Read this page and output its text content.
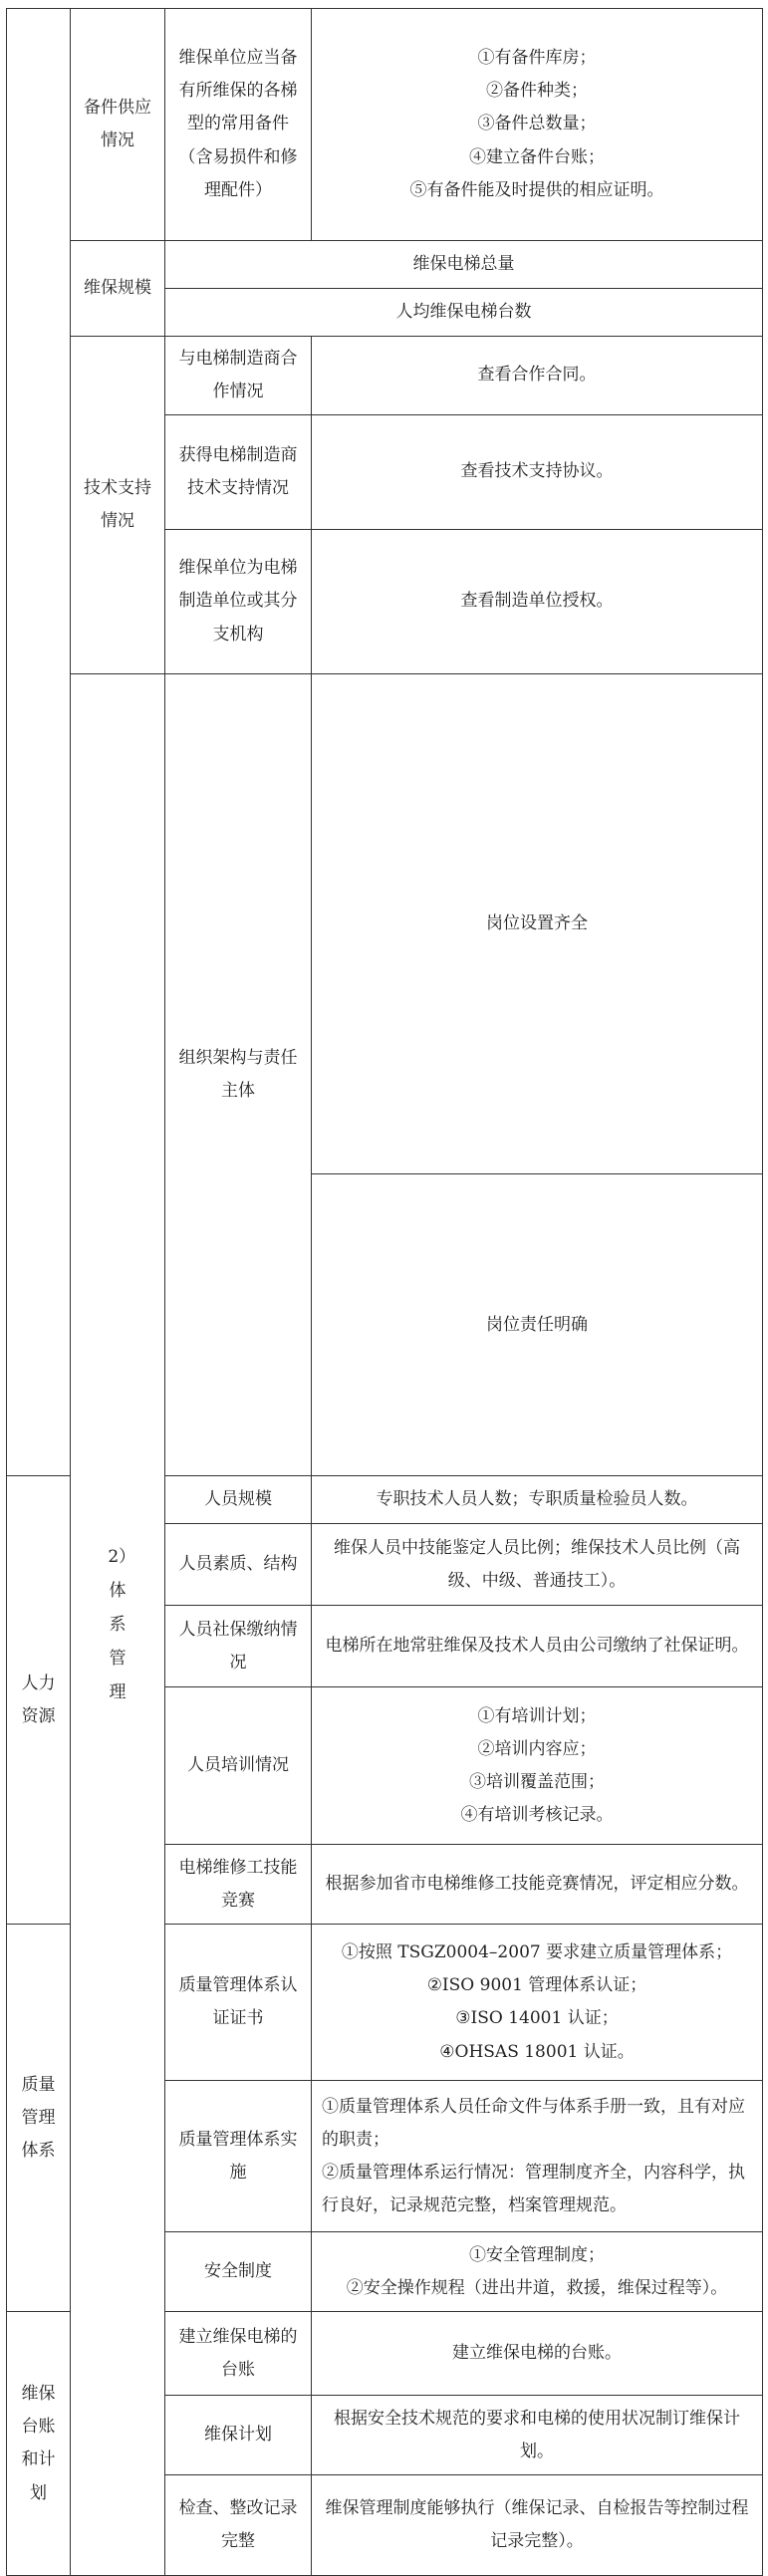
	备件供应情况	维保单位应当备有所维保的各梯型的常用备件（含易损件和修理配件）	①有备件库房；
②备件种类；
③备件总数量；
④建立备件台账；
⑤有备件能及时提供的相应证明。	

	维保规模	维保电梯总量		
		人均维保电梯台数		
	技术支持情况	与电梯制造商合作情况	查看合作合同。	
		获得电梯制造商技术支持情况	查看技术支持协议。	
		维保单位为电梯制造单位或其分支机构	查看制造单位授权。	

	2）体系管理	组织架构与责任主体	岗位设置齐全	
			岗位责任明确	
人力资源		人员规模	专职技术人员人数；专职质量检验员人数。	
		人员素质、结构	维保人员中技能鉴定人员比例；维保技术人员比例（高级、中级、普通技工）。	
		人员社保缴纳情况	电梯所在地常驻维保及技术人员由公司缴纳了社保证明。	
		人员培训情况	①有培训计划；
②培训内容应；
③培训覆盖范围；
④有培训考核记录。	

		电梯维修工技能竞赛	根据参加省市电梯维修工技能竞赛情况，评定相应分数。	
质量管理体系		质量管理体系认证证书	①按照 TSGZ0004–2007 要求建立质量管理体系；
②ISO 9001 管理体系认证；
③ISO 14001 认证；
④OHSAS 18001 认证。	

		质量管理体系实施	①质量管理体系人员任命文件与体系手册一致，且有对应的职责；
②质量管理体系运行情况：管理制度齐全，内容科学，执行良好，记录规范完整，档案管理规范。	

		安全制度	①安全管理制度；
②安全操作规程（进出井道，救援，维保过程等）。	

维保台账和计划		建立维保电梯的台账	建立维保电梯的台账。	
		维保计划	根据安全技术规范的要求和电梯的使用状况制订维保计划。	
		检查、整改记录完整	维保管理制度能够执行（维保记录、自检报告等控制过程记录完整）。	
